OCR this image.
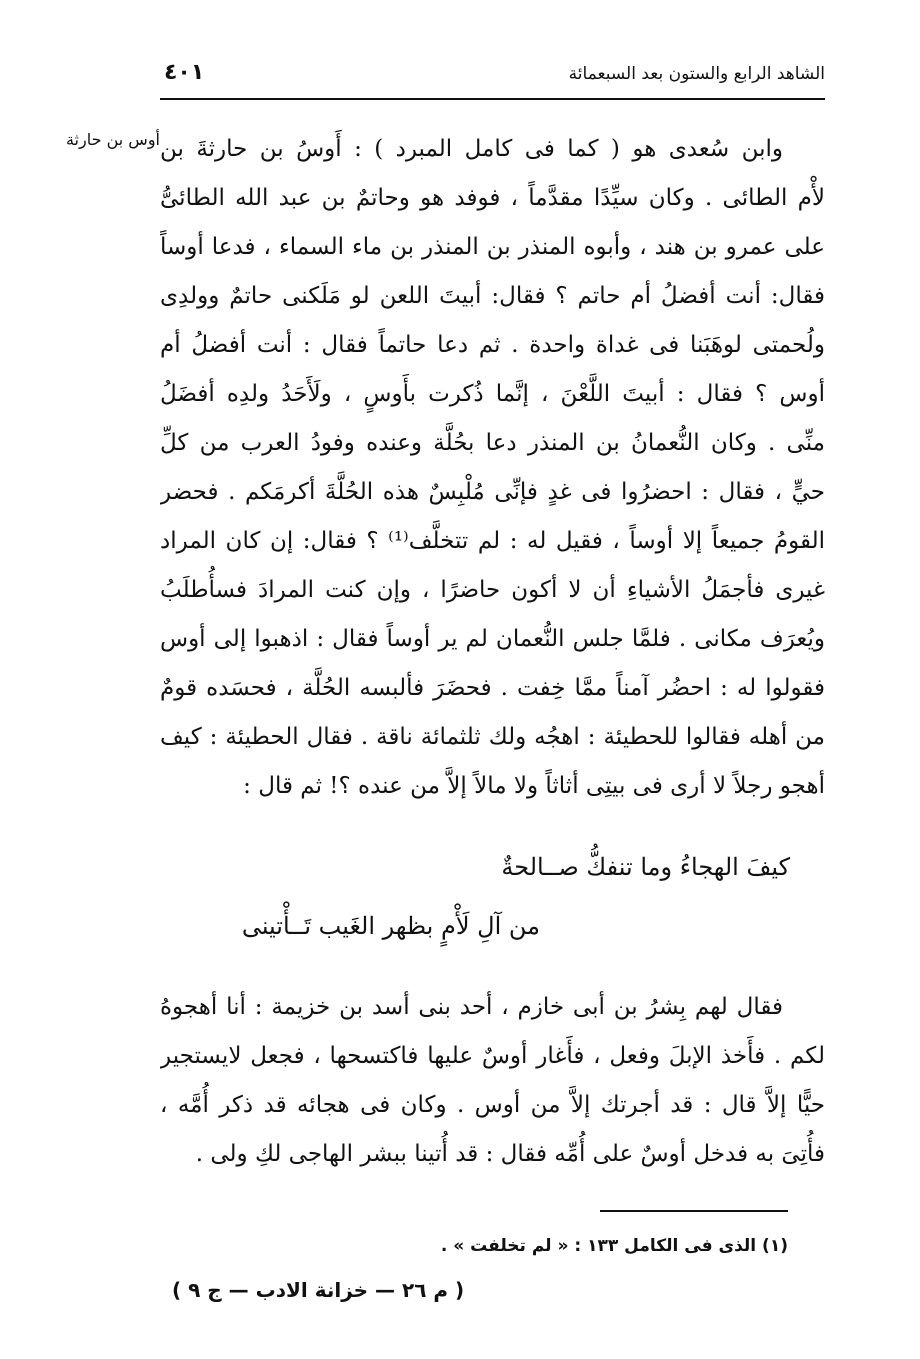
الشاهد الرابع والستون بعد السبعمائة
٤٠١
أوس بن حارثة وابن سُعدى هو ( كما فى كامل المبرد ) : أَوسُ بن حارثةَ بن
لأْم الطائى . وكان سيِّدًا مقدَّماً ، فوفد هو وحاتمٌ بن عبد الله الطائىُّ
على عمرو بن هند ، وأبوه المنذر بن المنذر بن ماء السماء ، فدعا أوساً
فقال: أنت أفضلُ أم حاتم ؟ فقال: أبيتَ اللعن لو مَلَكنى حاتمٌ وولدِى
ولُحمتى لوهَبَنا فى غداة واحدة . ثم دعا حاتماً فقال : أنت أفضلُ أم
أوس ؟ فقال : أبيتَ اللَّعْنَ ، إنَّما ذُكرت بأَوسٍ ، ولَأَحَدُ ولدِه أفضَلُ
منِّى . وكان النُّعمانُ بن المنذر دعا بحُلَّة وعنده وفودُ العرب من كلِّ
حيٍّ ، فقال : احضرُوا فى غدٍ فإنِّى مُلْبِسٌ هذه الحُلَّةَ أكرمَكم . فحضر
القومُ جميعاً إلا أوساً ، فقيل له : لم تتخلَّف⁽¹⁾ ؟ فقال: إن كان المراد
غيرى فأجمَلُ الأشياءِ أن لا أكون حاضرًا ، وإن كنت المرادَ فسأُطلَبُ
ويُعرَف مكانى . فلمَّا جلس النُّعمان لم ير أوساً فقال : اذهبوا إلى أوس
فقولوا له : احضُر آمناً ممَّا خِفت . فحضَرَ فألبسه الحُلَّة ، فحسَده قومٌ
من أهله فقالوا للحطيئة : اهجُه ولك ثلثمائة ناقة . فقال الحطيئة : كيف
أهجو رجلاً لا أرى فى بيتِى أثاثاً ولا مالاً إلاَّ من عنده ؟! ثم قال :
كيفَ الهجاءُ وما تنفكُّ صــالحةٌ
من آلِ لَأْمٍ بظهر الغَيب تَــأْتينى
فقال لهم بِشرُ بن أبى خازم ، أحد بنى أسد بن خزيمة : أنا أهجوهُ
لكم . فأَخذ الإبلَ وفعل ، فأَغار أوسٌ عليها فاكتسحها ، فجعل لايستجير
حيًّا إلاَّ قال : قد أجرتك إلاَّ من أوس . وكان فى هجائه قد ذكر أُمَّه ،
فأُتِىَ به فدخل أوسٌ على أُمِّه فقال : قد أُتينا ببشر الهاجى لكِ ولى .
(١) الذى فى الكامل ١٣٣ : « لم تخلفت » .
( م ٢٦ — خزانة الادب — ج ٩ )
